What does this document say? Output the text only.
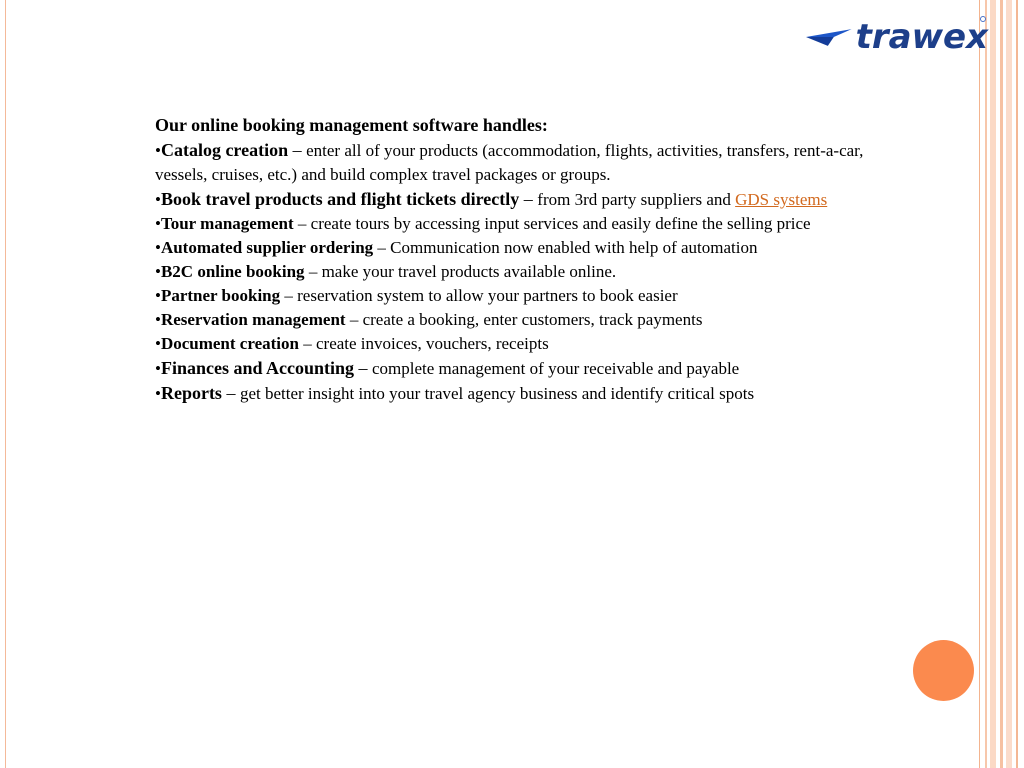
trawex

Our online booking management software handles:

•Catalog creation – enter all of your products (accommodation, flights, activities, transfers, rent-a-car, vessels, cruises, etc.) and build complex travel packages or groups.

•Book travel products and flight tickets directly – from 3rd party suppliers and GDS systems

•Tour management – create tours by accessing input services and easily define the selling price

•Automated supplier ordering – Communication now enabled with help of automation

•B2C online booking – make your travel products available online.

•Partner booking – reservation system to allow your partners to book easier

•Reservation management – create a booking, enter customers, track payments

•Document creation – create invoices, vouchers, receipts

•Finances and Accounting – complete management of your receivable and payable

•Reports – get better insight into your travel agency business and identify critical spots
